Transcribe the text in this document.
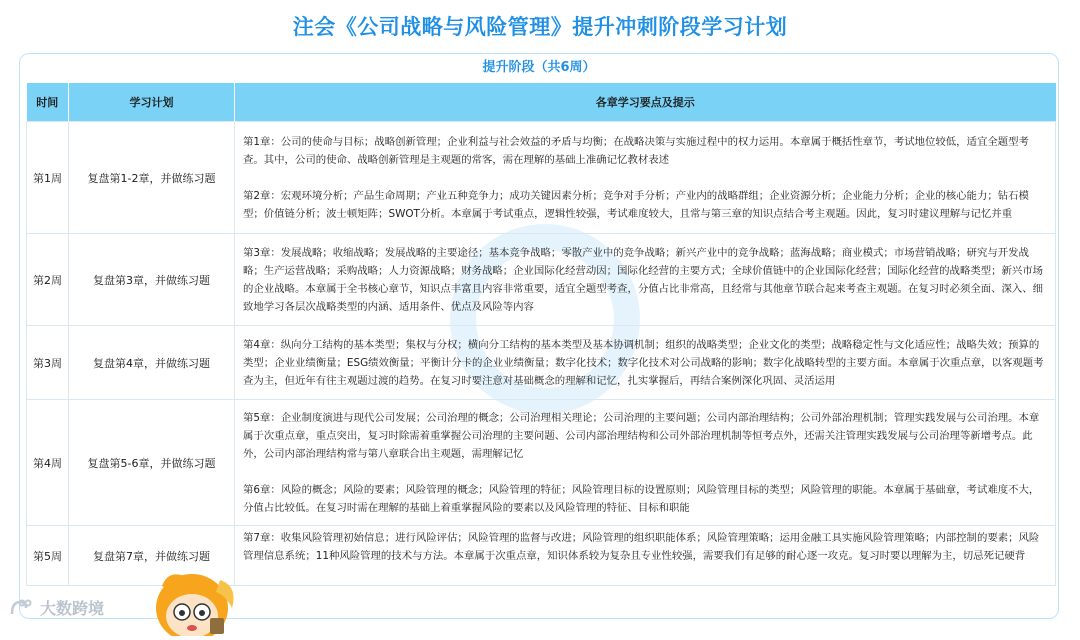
注会《公司战略与风险管理》提升冲刺阶段学习计划
提升阶段（共6周）
时间	学习计划	各章学习要点及提示
第1周	复盘第1-2章，并做练习题	第1章：公司的使命与目标；战略创新管理；企业利益与社会效益的矛盾与均衡；在战略决策与实施过程中的权力运用。本章属于概括性章节，考试地位较低，适宜全题型考查。其中，公司的使命、战略创新管理是主观题的常客，需在理解的基础上准确记忆教材表述

第2章：宏观环境分析；产品生命周期；产业五种竞争力；成功关键因素分析；竞争对手分析；产业内的战略群组；企业资源分析；企业能力分析；企业的核心能力；钻石模型；价值链分析；波士顿矩阵；SWOT分析。本章属于考试重点，逻辑性较强，考试难度较大，且常与第三章的知识点结合考主观题。因此，复习时建议理解与记忆并重

第2周	复盘第3章，并做练习题	第3章：发展战略；收缩战略；发展战略的主要途径；基本竞争战略；零散产业中的竞争战略；新兴产业中的竞争战略；蓝海战略；商业模式；市场营销战略；研究与开发战略；生产运营战略；采购战略；人力资源战略；财务战略；企业国际化经营动因；国际化经营的主要方式；全球价值链中的企业国际化经营；国际化经营的战略类型；新兴市场的企业战略。本章属于全书核心章节，知识点丰富且内容非常重要，适宜全题型考查，分值占比非常高，且经常与其他章节联合起来考查主观题。在复习时必须全面、深入、细致地学习各层次战略类型的内涵、适用条件、优点及风险等内容

第3周	复盘第4章，并做练习题	第4章：纵向分工结构的基本类型；集权与分权；横向分工结构的基本类型及基本协调机制；组织的战略类型；企业文化的类型；战略稳定性与文化适应性；战略失效；预算的类型；企业业绩衡量；ESG绩效衡量；平衡计分卡的企业业绩衡量；数字化技术；数字化技术对公司战略的影响；数字化战略转型的主要方面。本章属于次重点章，以客观题考查为主，但近年有往主观题过渡的趋势。在复习时要注意对基础概念的理解和记忆，扎实掌握后，再结合案例深化巩固、灵活运用

第4周	复盘第5-6章，并做练习题	第5章：企业制度演进与现代公司发展；公司治理的概念；公司治理相关理论；公司治理的主要问题；公司内部治理结构；公司外部治理机制；管理实践发展与公司治理。本章属于次重点章，重点突出，复习时除需着重掌握公司治理的主要问题、公司内部治理结构和公司外部治理机制等恒考点外，还需关注管理实践发展与公司治理等新增考点。此外，公司内部治理结构常与第八章联合出主观题，需理解记忆

第6章：风险的概念；风险的要素；风险管理的概念；风险管理的特征；风险管理目标的设置原则；风险管理目标的类型；风险管理的职能。本章属于基础章，考试难度不大，分值占比较低。在复习时需在理解的基础上着重掌握风险的要素以及风险管理的特征、目标和职能

第5周	复盘第7章，并做练习题	第7章：收集风险管理初始信息；进行风险评估；风险管理的监督与改进；风险管理的组织职能体系；风险管理策略；运用金融工具实施风险管理策略；内部控制的要素；风险管理信息系统；11种风险管理的技术与方法。本章属于次重点章，知识体系较为复杂且专业性较强，需要我们有足够的耐心逐一攻克。复习时要以理解为主，切忌死记硬背

大数跨境
